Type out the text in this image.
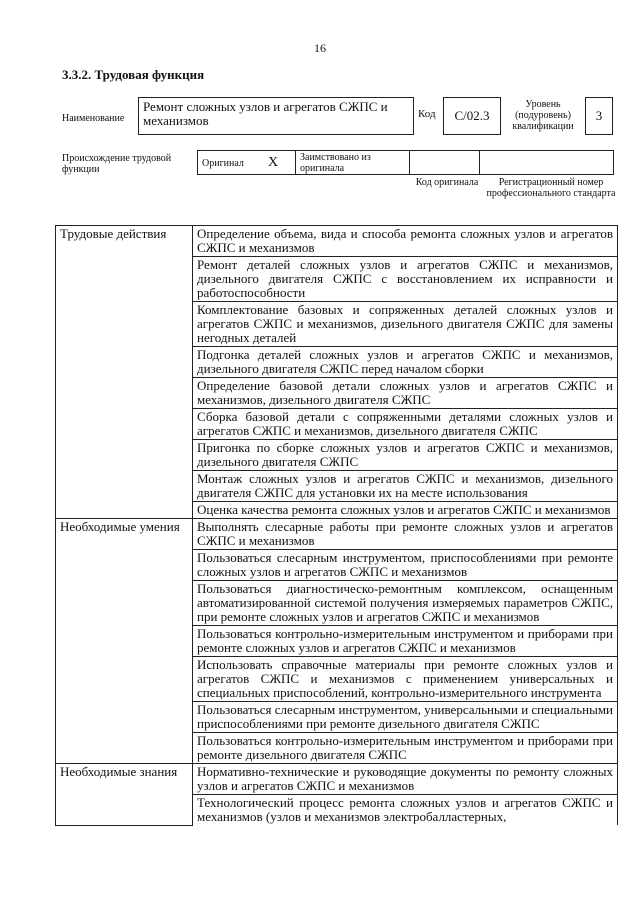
16
3.3.2. Трудовая функция
Наименование
Ремонт сложных узлов и агрегатов СЖПС и механизмов	Код	С/02.3
Уровень (подуровень) квалификации
3
Происхождение трудовой функции
Оригинал X Заимствовано из оригинала
Код оригинала	Регистрационный номер профессионального стандарта
Трудовые действия	Определение объема, вида и способа ремонта сложных узлов и агрегатов СЖПС и механизмов
	Ремонт деталей сложных узлов и агрегатов СЖПС и механизмов, дизельного двигателя СЖПС с восстановлением их исправности и работоспособности
	Комплектование базовых и сопряженных деталей сложных узлов и агрегатов СЖПС и механизмов, дизельного двигателя СЖПС для замены негодных деталей
	Подгонка деталей сложных узлов и агрегатов СЖПС и механизмов, дизельного двигателя СЖПС перед началом сборки
	Определение базовой детали сложных узлов и агрегатов СЖПС и механизмов, дизельного двигателя СЖПС
	Сборка базовой детали с сопряженными деталями сложных узлов и агрегатов СЖПС и механизмов, дизельного двигателя СЖПС
	Пригонка по сборке сложных узлов и агрегатов СЖПС и механизмов, дизельного двигателя СЖПС
	Монтаж сложных узлов и агрегатов СЖПС и механизмов, дизельного двигателя СЖПС для установки их на месте использования
	Оценка качества ремонта сложных узлов и агрегатов СЖПС и механизмов
Необходимые умения	Выполнять слесарные работы при ремонте сложных узлов и агрегатов СЖПС и механизмов
	Пользоваться слесарным инструментом, приспособлениями при ремонте сложных узлов и агрегатов СЖПС и механизмов
	Пользоваться диагностическо-ремонтным комплексом, оснащенным автоматизированной системой получения измеряемых параметров СЖПС, при ремонте сложных узлов и агрегатов СЖПС и механизмов
	Пользоваться контрольно-измерительным инструментом и приборами при ремонте сложных узлов и агрегатов СЖПС и механизмов
	Использовать справочные материалы при ремонте сложных узлов и агрегатов СЖПС и механизмов с применением универсальных и специальных приспособлений, контрольно-измерительного инструмента
	Пользоваться слесарным инструментом, универсальными и специальными приспособлениями при ремонте дизельного двигателя СЖПС
	Пользоваться контрольно-измерительным инструментом и приборами при ремонте дизельного двигателя СЖПС
Необходимые знания	Нормативно-технические и руководящие документы по ремонту сложных узлов и агрегатов СЖПС и механизмов
	Технологический процесс ремонта сложных узлов и агрегатов СЖПС и механизмов (узлов и механизмов электробалластерных,
